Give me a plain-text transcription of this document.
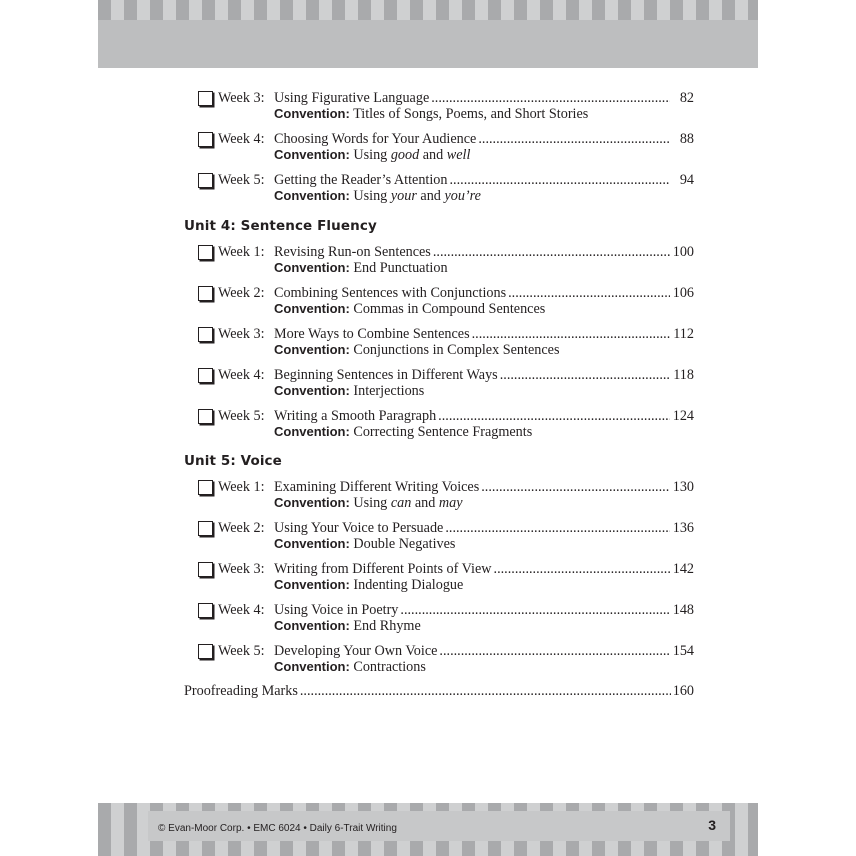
Week 3: Using Figurative Language .....	82
Convention: Titles of Songs, Poems, and Short Stories
Week 4: Choosing Words for Your Audience .....	88
Convention: Using good and well
Week 5: Getting the Reader’s Attention .....	94
Convention: Using your and you’re
Unit 4: Sentence Fluency
Week 1: Revising Run-on Sentences .....	100
Convention: End Punctuation
Week 2: Combining Sentences with Conjunctions .....	106
Convention: Commas in Compound Sentences
Week 3: More Ways to Combine Sentences .....	112
Convention: Conjunctions in Complex Sentences
Week 4: Beginning Sentences in Different Ways .....	118
Convention: Interjections
Week 5: Writing a Smooth Paragraph .....	124
Convention: Correcting Sentence Fragments
Unit 5: Voice
Week 1: Examining Different Writing Voices .....	130
Convention: Using can and may
Week 2: Using Your Voice to Persuade .....	136
Convention: Double Negatives
Week 3: Writing from Different Points of View .....	142
Convention: Indenting Dialogue
Week 4: Using Voice in Poetry .....	148
Convention: End Rhyme
Week 5: Developing Your Own Voice .....	154
Convention: Contractions
Proofreading Marks .....	160
© Evan-Moor Corp. • EMC 6024 • Daily 6-Trait Writing	3
